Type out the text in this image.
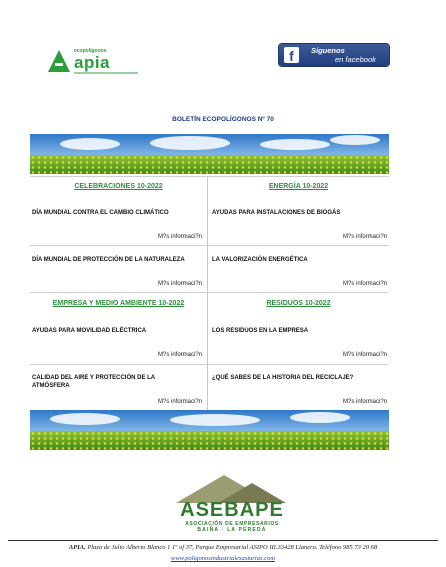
ecopolígonos
apia	f	Síguenos
en facebook
BOLETÍN ECOPOLÍGONOS Nº 70
CELEBRACIONES 10-2022
DÍA MUNDIAL CONTRA EL CAMBIO CLIMÁTICO
M?s informaci?n
DÍA MUNDIAL DE PROTECCIÓN DE LA NATURALEZA
M?s informaci?n
ENERGÍA 10-2022
AYUDAS PARA INSTALACIONES DE BIOGÁS
M?s informaci?n
LA VALORIZACIÓN ENERGÉTICA
M?s informaci?n
EMPRESA Y MEDIO AMBIENTE 10-2022
AYUDAS PARA MOVILIDAD ELÉCTRICA
M?s informaci?n
CALIDAD DEL AIRE Y PROTECCIÓN DE LA ATMÓSFERA
M?s informaci?n
RESIDUOS 10-2022
LOS RESIDUOS EN LA EMPRESA
M?s informaci?n
¿QUÉ SABES DE LA HISTORIA DEL RECICLAJE?
M?s informaci?n
ASEBAPE
ASOCIACIÓN DE EMPRESARIOS
BAIÑA - LA PEREDA
APIA, Plaza de Julio Alberto Blanco 1 1º of 37, Parque Empresarial ASIPO III.33428 Llanera. Teléfono 985 73 20 68
www.poligonosindustrialesasturias.com
